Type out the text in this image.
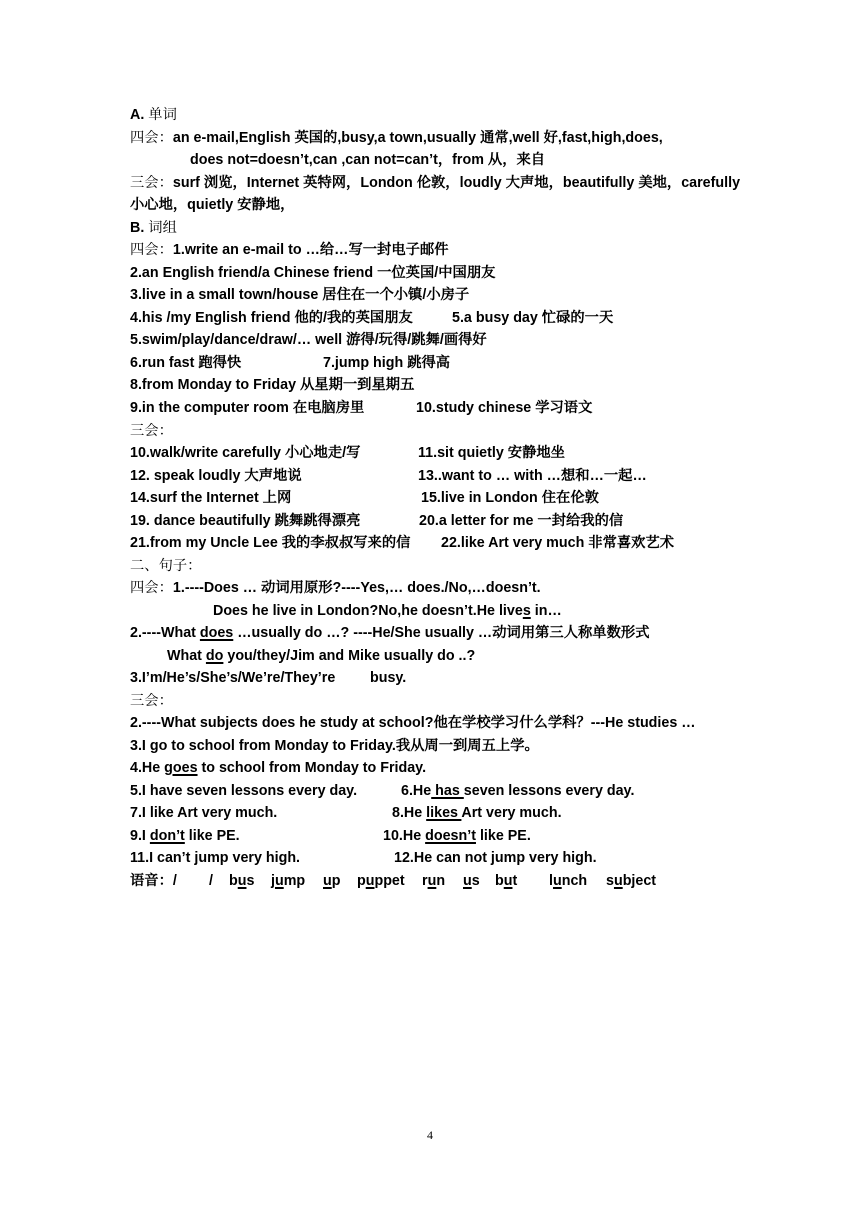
A. 单词
四会：an e-mail,English 英国的,busy,a town,usually 通常,well 好,fast,high,does,
does not=doesn’t,can ,can not=can’t，from 从，来自
三会：surf 浏览，Internet 英特网，London 伦敦，loudly 大声地，beautifully 美地，carefully
小心地，quietly 安静地，
B. 词组
四会：1.write an e-mail to …给…写一封电子邮件
2.an English friend/a Chinese friend 一位英国/中国朋友
3.live in a small town/house 居住在一个小镇/小房子
4.his /my English friend 他的/我的英国朋友	5.a busy day 忙碌的一天
5.swim/play/dance/draw/… well 游得/玩得/跳舞/画得好
6.run fast 跑得快	7.jump high 跳得高
8.from Monday to Friday 从星期一到星期五
9.in the computer room 在电脑房里	10.study chinese 学习语文
三会：
10.walk/write carefully 小心地走/写	11.sit quietly 安静地坐
12. speak loudly 大声地说	13..want to … with …想和…一起…
14.surf the Internet 上网	15.live in London 住在伦敦
19. dance beautifully 跳舞跳得漂亮	20.a letter for me 一封给我的信
21.from my Uncle Lee 我的李叔叔写来的信 22.like Art very much 非常喜欢艺术
二、句子：
四会：1.----Does … 动词用原形?----Yes,… does./No,…doesn’t.
Does he live in London?No,he doesn’t.He lives in…
2.----What does …usually do …? ----He/She usually …动词用第三人称单数形式
What do you/they/Jim and Mike usually do ..?
3.I’m/He’s/She’s/We’re/They’re busy.
三会：
2.----What subjects does he study at school?他在学校学习什么学科？---He studies …
3.I go to school from Monday to Friday.我从周一到周五上学。
4.He goes to school from Monday to Friday.
5.I have seven lessons every day.	6.He has seven lessons every day.
7.I like Art very much.	8.He likes Art very much.
9.I don’t like PE.	10.He doesn’t like PE.
11.I can’t jump very high.	12.He can not jump very high.
语音：/ / bus jump up puppet run us but lunch subject
4
